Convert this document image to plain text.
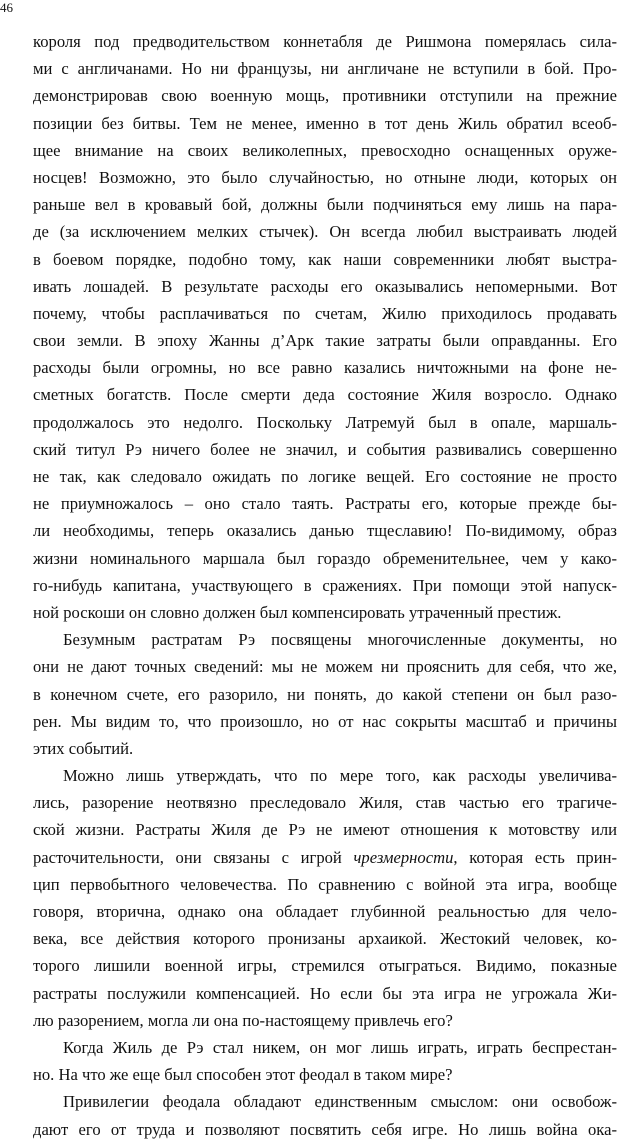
46
короля под предводительством коннетабля де Ришмона померялась сила-
ми с англичанами. Но ни французы, ни англичане не вступили в бой. Про-
демонстрировав свою военную мощь, противники отступили на прежние
позиции без битвы. Тем не менее, именно в тот день Жиль обратил всеоб-
щее внимание на своих великолепных, превосходно оснащенных оруже-
носцев! Возможно, это было случайностью, но отныне люди, которых он
раньше вел в кровавый бой, должны были подчиняться ему лишь на пара-
де (за исключением мелких стычек). Он всегда любил выстраивать людей
в боевом порядке, подобно тому, как наши современники любят выстра-
ивать лошадей. В результате расходы его оказывались непомерными. Вот
почему, чтобы расплачиваться по счетам, Жилю приходилось продавать
свои земли. В эпоху Жанны д’Арк такие затраты были оправданны. Его
расходы были огромны, но все равно казались ничтожными на фоне не-
сметных богатств. После смерти деда состояние Жиля возросло. Однако
продолжалось это недолго. Поскольку Латремуй был в опале, маршаль-
ский титул Рэ ничего более не значил, и события развивались совершенно
не так, как следовало ожидать по логике вещей. Его состояние не просто
не приумножалось – оно стало таять. Растраты его, которые прежде бы-
ли необходимы, теперь оказались данью тщеславию! По-видимому, образ
жизни номинального маршала был гораздо обременительнее, чем у како-
го-нибудь капитана, участвующего в сражениях. При помощи этой напуск-
ной роскоши он словно должен был компенсировать утраченный престиж.
Безумным растратам Рэ посвящены многочисленные документы, но
они не дают точных сведений: мы не можем ни прояснить для себя, что же,
в конечном счете, его разорило, ни понять, до какой степени он был разо-
рен. Мы видим то, что произошло, но от нас сокрыты масштаб и причины
этих событий.
Можно лишь утверждать, что по мере того, как расходы увеличива-
лись, разорение неотвязно преследовало Жиля, став частью его трагиче-
ской жизни. Растраты Жиля де Рэ не имеют отношения к мотовству или
расточительности, они связаны с игрой чрезмерности, которая есть прин-
цип первобытного человечества. По сравнению с войной эта игра, вообще
говоря, вторична, однако она обладает глубинной реальностью для чело-
века, все действия которого пронизаны архаикой. Жестокий человек, ко-
торого лишили военной игры, стремился отыграться. Видимо, показные
растраты послужили компенсацией. Но если бы эта игра не угрожала Жи-
лю разорением, могла ли она по-настоящему привлечь его?
Когда Жиль де Рэ стал никем, он мог лишь играть, играть беспрестан-
но. На что же еще был способен этот феодал в таком мире?
Привилегии феодала обладают единственным смыслом: они освобож-
дают его от труда и позволяют посвятить себя игре. Но лишь война ока-
